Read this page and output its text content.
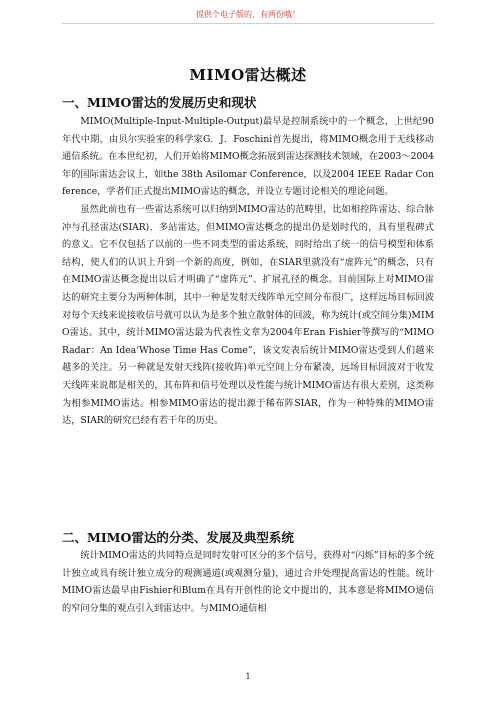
提供个电子版的，有两份哦！
MIMO雷达概述
一、MIMO雷达的发展历史和现状

MIMO(Multiple-Input-Multiple-Output)最早是控制系统中的一个概念，上世纪90年代中期，由贝尔实验室的科学家G．J．Foschini首先提出，将MIMO概念用于无线移动通信系统。在本世纪初，人们开始将MIMO概念拓展到雷达探测技术领域，在2003～2004年的国际雷达会议上，如the 38th Asilomar Conference，以及2004 IEEE Radar Conference，学者们正式提出MIMO雷达的概念，并设立专题讨论相关的理论问题。

虽然此前也有一些雷达系统可以归纳到MIMO雷达的范畴里，比如相控阵雷达、综合脉冲与孔径雷达(SIAR)、多站雷达，但MIMO雷达概念的提出仍是划时代的，具有里程碑式的意义。它不仅包括了以前的一些不同类型的雷达系统，同时给出了统一的信号模型和体系结构，使人们的认识上升到一个新的高度，例如，在SIAR里就没有“虚阵元”的概念，只有在MIMO雷达概念提出以后才明确了“虚阵元”、扩展孔径的概念。目前国际上对MIMO雷达的研究主要分为两种体制，其中一种是发射天线阵单元空间分布很广，这样远场目标回波对每个天线来说接收信号就可以认为是多个独立散射体的回波，称为统计(或空间分集)MIMO雷达。其中，统计MIMO雷达最为代表性文章为2004年Eran Fishier等撰写的“MIMO Radar：An Idea‘Whose Time Has Come”，该文发表后统计MIMO雷达受到人们越来越多的关注。另一种就是发射天线阵(接收阵)单元空间上分布紧凑，远场目标回波对于收发天线阵来说都是相关的，其布阵和信号处理以及性能与统计MIMO雷达有很大差别，这类称为相参MIMO雷达。相参MIMO雷达的提出源于稀布阵SIAR，作为一种特殊的MIMO雷达，SIAR的研究已经有若干年的历史。

二、MIMO雷达的分类、发展及典型系统

统计MIMO雷达的共同特点是同时发射可区分的多个信号，获得对“闪烁”目标的多个统计独立或具有统计独立成分的观测通道(或观测分量)，通过合并处理提高雷达的性能。统计MIMO雷达最早由Fishier和Blum在具有开创性的论文中提出的，其本意是将MIMO通信的窄问分集的观点引入到雷达中。与MIMO通信相

1
